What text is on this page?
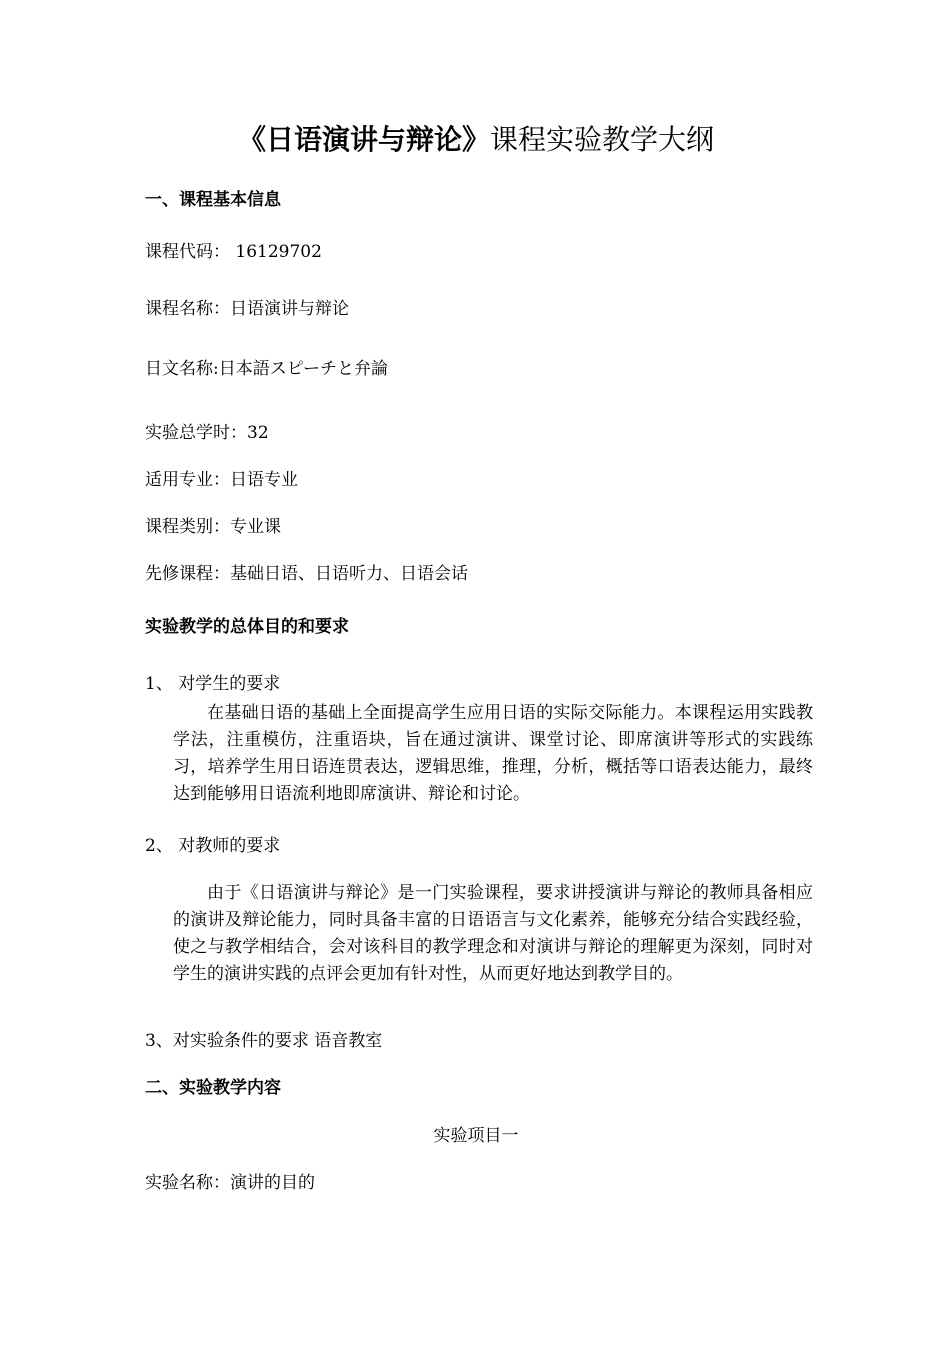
《日语演讲与辩论》课程实验教学大纲
一、课程基本信息
课程代码： 16129702
课程名称：日语演讲与辩论
日文名称:日本語スピーチと弁論
实验总学时：32
适用专业：日语专业
课程类别：专业课
先修课程：基础日语、日语听力、日语会话
实验教学的总体目的和要求
1、 对学生的要求
在基础日语的基础上全面提高学生应用日语的实际交际能力。本课程运用实践教学法，注重模仿，注重语块，旨在通过演讲、课堂讨论、即席演讲等形式的实践练习，培养学生用日语连贯表达，逻辑思维，推理，分析，概括等口语表达能力，最终达到能够用日语流利地即席演讲、辩论和讨论。
2、 对教师的要求
由于《日语演讲与辩论》是一门实验课程，要求讲授演讲与辩论的教师具备相应的演讲及辩论能力，同时具备丰富的日语语言与文化素养，能够充分结合实践经验，使之与教学相结合，会对该科目的教学理念和对演讲与辩论的理解更为深刻，同时对学生的演讲实践的点评会更加有针对性，从而更好地达到教学目的。
3、对实验条件的要求 语音教室
二、实验教学内容
实验项目一
实验名称：演讲的目的
